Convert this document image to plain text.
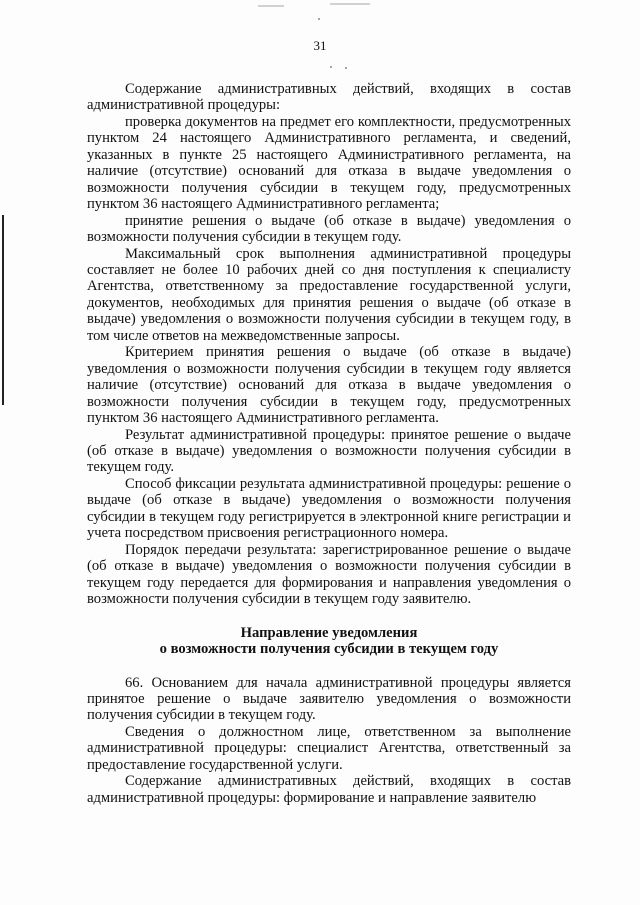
31

Содержание административных действий, входящих в состав административной процедуры:

проверка документов на предмет его комплектности, предусмотренных пунктом 24 настоящего Административного регламента, и сведений, указанных в пункте 25 настоящего Административного регламента, на наличие (отсутствие) оснований для отказа в выдаче уведомления о возможности получения субсидии в текущем году, предусмотренных пунктом 36 настоящего Административного регламента;

принятие решения о выдаче (об отказе в выдаче) уведомления о возможности получения субсидии в текущем году.

Максимальный срок выполнения административной процедуры составляет не более 10 рабочих дней со дня поступления к специалисту Агентства, ответственному за предоставление государственной услуги, документов, необходимых для принятия решения о выдаче (об отказе в выдаче) уведомления о возможности получения субсидии в текущем году, в том числе ответов на межведомственные запросы.

Критерием принятия решения о выдаче (об отказе в выдаче) уведомления о возможности получения субсидии в текущем году является наличие (отсутствие) оснований для отказа в выдаче уведомления о возможности получения субсидии в текущем году, предусмотренных пунктом 36 настоящего Административного регламента.

Результат административной процедуры: принятое решение о выдаче (об отказе в выдаче) уведомления о возможности получения субсидии в текущем году.

Способ фиксации результата административной процедуры: решение о выдаче (об отказе в выдаче) уведомления о возможности получения субсидии в текущем году регистрируется в электронной книге регистрации и учета посредством присвоения регистрационного номера.

Порядок передачи результата: зарегистрированное решение о выдаче (об отказе в выдаче) уведомления о возможности получения субсидии в текущем году передается для формирования и направления уведомления о возможности получения субсидии в текущем году заявителю.

Направление уведомления

о возможности получения субсидии в текущем году

66. Основанием для начала административной процедуры является принятое решение о выдаче заявителю уведомления о возможности получения субсидии в текущем году.

Сведения о должностном лице, ответственном за выполнение административной процедуры: специалист Агентства, ответственный за предоставление государственной услуги.

Содержание административных действий, входящих в состав административной процедуры: формирование и направление заявителю
